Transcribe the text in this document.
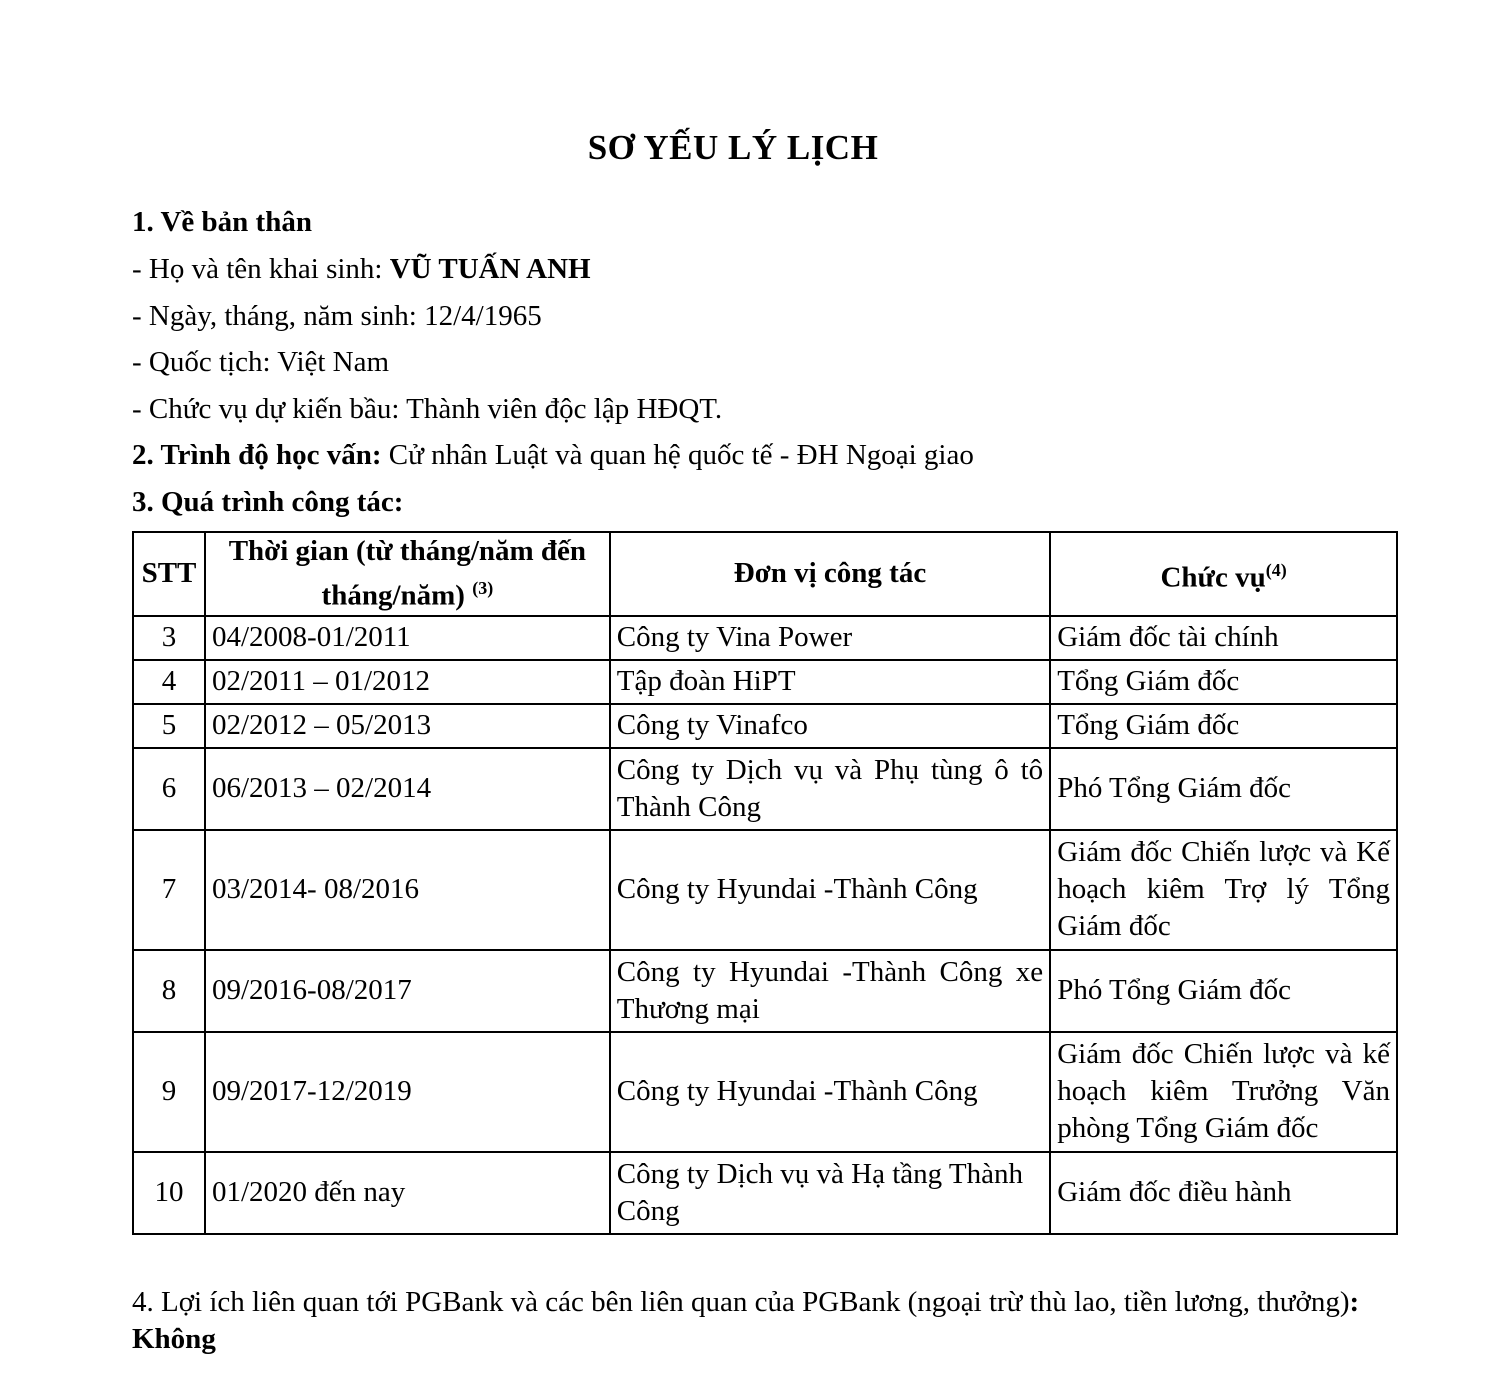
SƠ YẾU LÝ LỊCH
1. Về bản thân
- Họ và tên khai sinh: VŨ TUẤN ANH
- Ngày, tháng, năm sinh: 12/4/1965
- Quốc tịch: Việt Nam
- Chức vụ dự kiến bầu: Thành viên độc lập HĐQT.
2. Trình độ học vấn: Cử nhân Luật và quan hệ quốc tế - ĐH Ngoại giao
3. Quá trình công tác:
STT	Thời gian (từ tháng/năm đến tháng/năm) $^{(3)}$	Đơn vị công tác	Chức vụ$^{(4)}$
3	04/2008-01/2011	Công ty Vina Power	Giám đốc tài chính
4	02/2011 – 01/2012	Tập đoàn HiPT	Tổng Giám đốc
5	02/2012 – 05/2013	Công ty Vinafco	Tổng Giám đốc
6	06/2013 – 02/2014	Công ty Dịch vụ và Phụ tùng ô tô Thành Công	Phó Tổng Giám đốc
7	03/2014- 08/2016	Công ty Hyundai -Thành Công	Giám đốc Chiến lược và Kế hoạch kiêm Trợ lý Tổng Giám đốc
8	09/2016-08/2017	Công ty Hyundai -Thành Công xe Thương mại	Phó Tổng Giám đốc
9	09/2017-12/2019	Công ty Hyundai -Thành Công	Giám đốc Chiến lược và kế hoạch kiêm Trưởng Văn phòng Tổng Giám đốc
10	01/2020 đến nay	Công ty Dịch vụ và Hạ tầng Thành Công	Giám đốc điều hành
4. Lợi ích liên quan tới PGBank và các bên liên quan của PGBank (ngoại trừ thù lao, tiền lương, thưởng): Không
